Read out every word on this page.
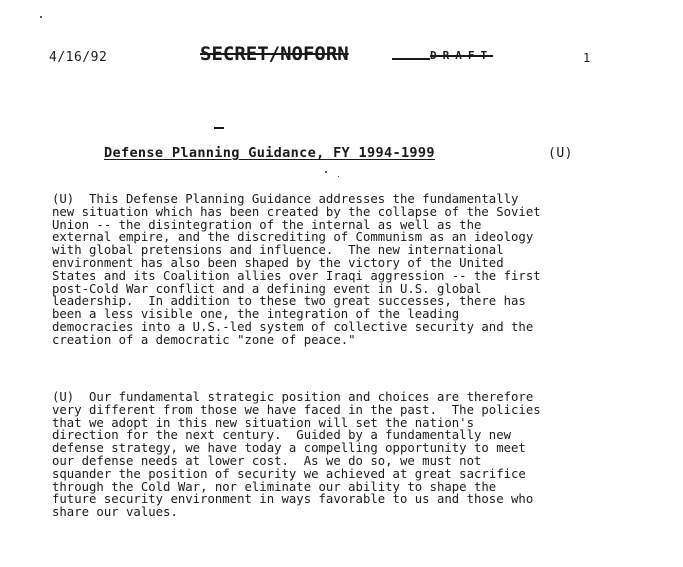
4/16/92	SECRET/NOFORN	DRAFT	1
Defense Planning Guidance, FY 1994-1999	(U)
(U)  This Defense Planning Guidance addresses the fundamentally
new situation which has been created by the collapse of the Soviet
Union -- the disintegration of the internal as well as the
external empire, and the discrediting of Communism as an ideology
with global pretensions and influence.  The new international
environment has also been shaped by the victory of the United
States and its Coalition allies over Iraqi aggression -- the first
post-Cold War conflict and a defining event in U.S. global
leadership.  In addition to these two great successes, there has
been a less visible one, the integration of the leading
democracies into a U.S.-led system of collective security and the
creation of a democratic "zone of peace."
(U)  Our fundamental strategic position and choices are therefore
very different from those we have faced in the past.  The policies
that we adopt in this new situation will set the nation's
direction for the next century.  Guided by a fundamentally new
defense strategy, we have today a compelling opportunity to meet
our defense needs at lower cost.  As we do so, we must not
squander the position of security we achieved at great sacrifice
through the Cold War, nor eliminate our ability to shape the
future security environment in ways favorable to us and those who
share our values.
